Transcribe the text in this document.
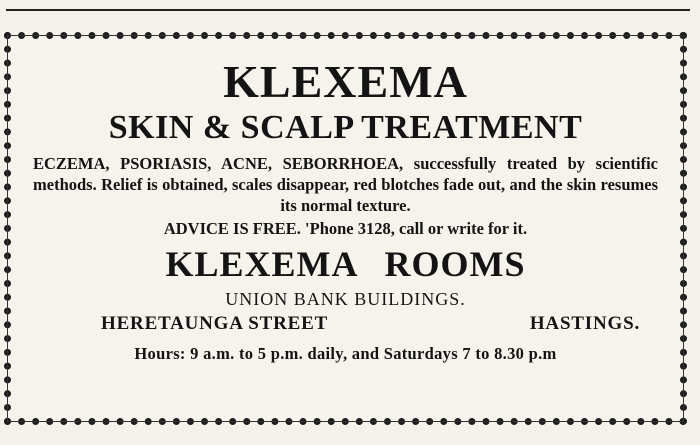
KLEXEMA
SKIN & SCALP TREATMENT
ECZEMA, PSORIASIS, ACNE, SEBORRHOEA, successfully treated by scientific methods. Relief is obtained, scales disappear, red blotches fade out, and the skin resumes its normal texture.
ADVICE IS FREE. 'Phone 3128, call or write for it.
KLEXEMA ROOMS
UNION BANK BUILDINGS.
HERETAUNGA STREET	HASTINGS.
Hours: 9 a.m. to 5 p.m. daily, and Saturdays 7 to 8.30 p.m
